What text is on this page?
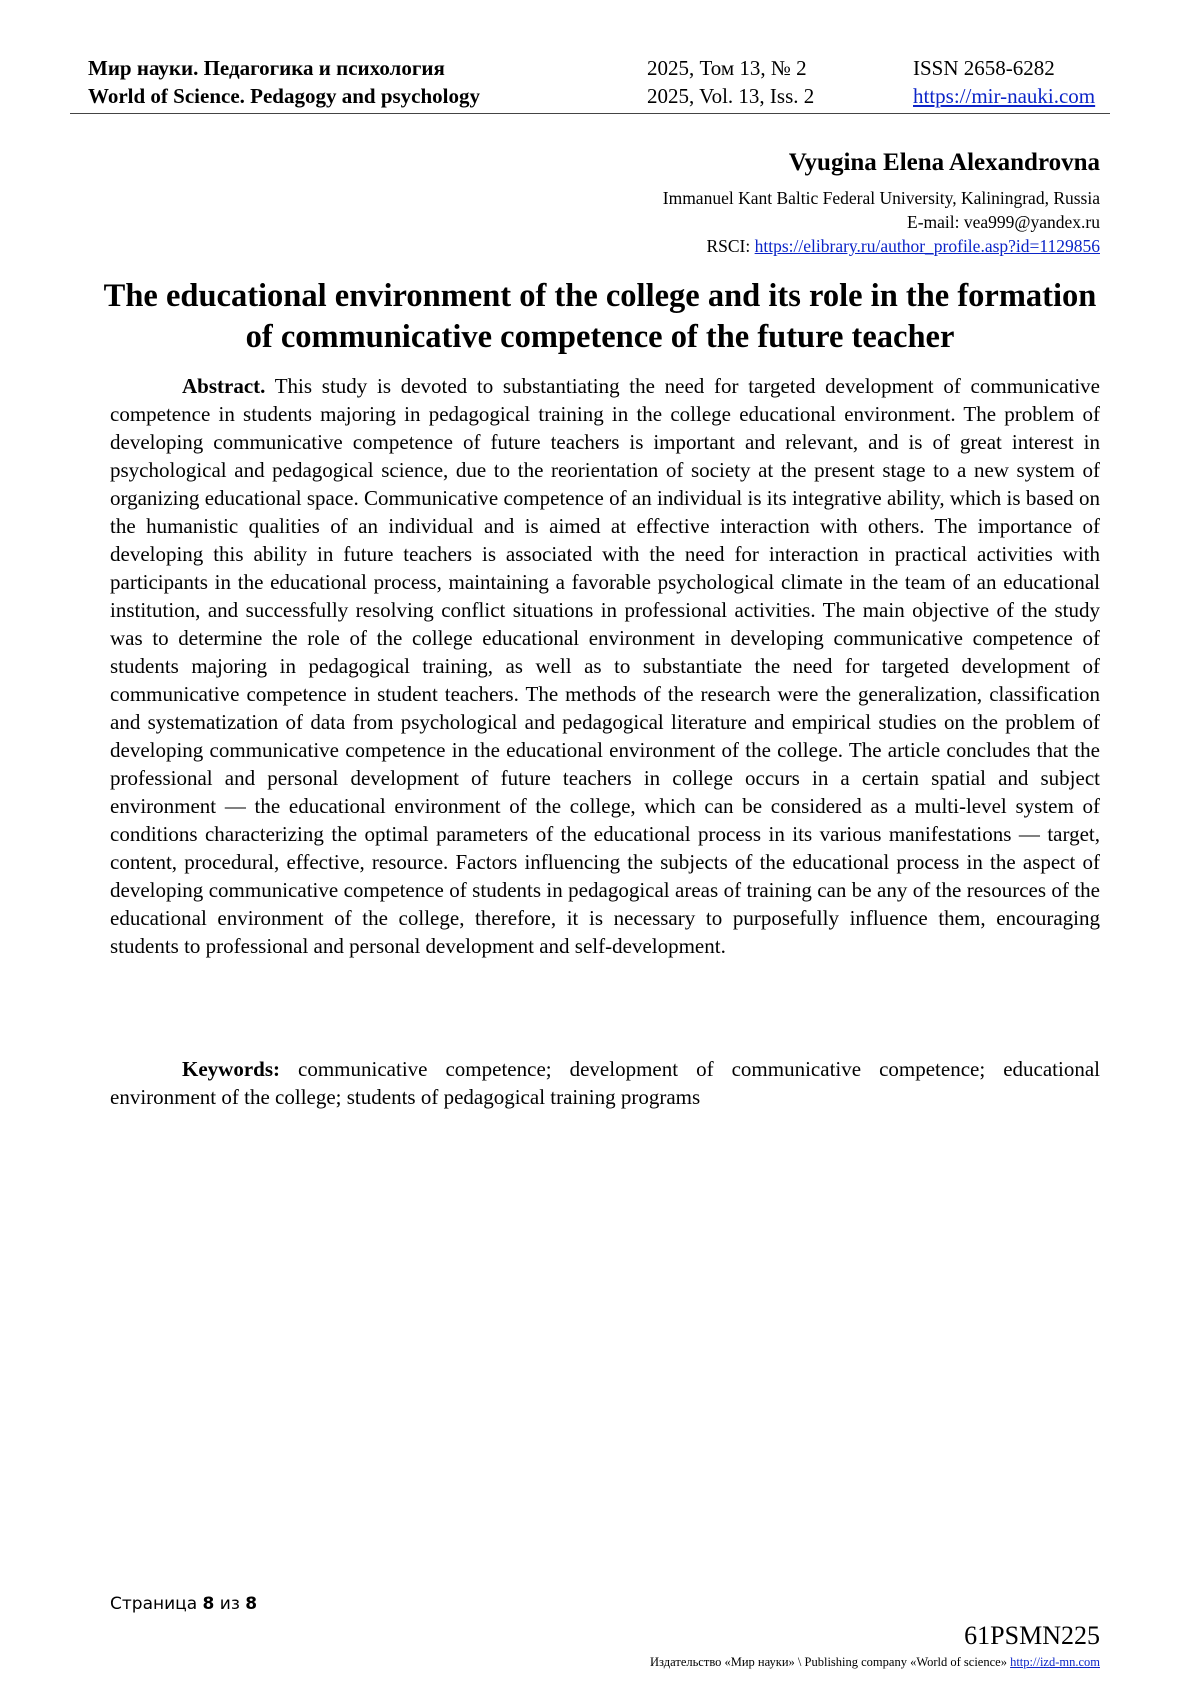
Мир науки. Педагогика и психология
World of Science. Pedagogy and psychology
2025, Том 13, № 2
2025, Vol. 13, Iss. 2
ISSN 2658-6282
https://mir-nauki.com
Vyugina Elena Alexandrovna
Immanuel Kant Baltic Federal University, Kaliningrad, Russia
E-mail: vea999@yandex.ru
RSCI: https://elibrary.ru/author_profile.asp?id=1129856
The educational environment of the college and its role in the formation of communicative competence of the future teacher

Abstract. This study is devoted to substantiating the need for targeted development of communicative competence in students majoring in pedagogical training in the college educational environment. The problem of developing communicative competence of future teachers is important and relevant, and is of great interest in psychological and pedagogical science, due to the reorientation of society at the present stage to a new system of organizing educational space. Communicative competence of an individual is its integrative ability, which is based on the humanistic qualities of an individual and is aimed at effective interaction with others. The importance of developing this ability in future teachers is associated with the need for interaction in practical activities with participants in the educational process, maintaining a favorable psychological climate in the team of an educational institution, and successfully resolving conflict situations in professional activities. The main objective of the study was to determine the role of the college educational environment in developing communicative competence of students majoring in pedagogical training, as well as to substantiate the need for targeted development of communicative competence in student teachers. The methods of the research were the generalization, classification and systematization of data from psychological and pedagogical literature and empirical studies on the problem of developing communicative competence in the educational environment of the college. The article concludes that the professional and personal development of future teachers in college occurs in a certain spatial and subject environment — the educational environment of the college, which can be considered as a multi-level system of conditions characterizing the optimal parameters of the educational process in its various manifestations — target, content, procedural, effective, resource. Factors influencing the subjects of the educational process in the aspect of developing communicative competence of students in pedagogical areas of training can be any of the resources of the educational environment of the college, therefore, it is necessary to purposefully influence them, encouraging students to professional and personal development and self-development.

Keywords: communicative competence; development of communicative competence; educational environment of the college; students of pedagogical training programs

Страница 8 из 8
61PSMN225
Издательство «Мир науки» \ Publishing company «World of science» http://izd-mn.com
